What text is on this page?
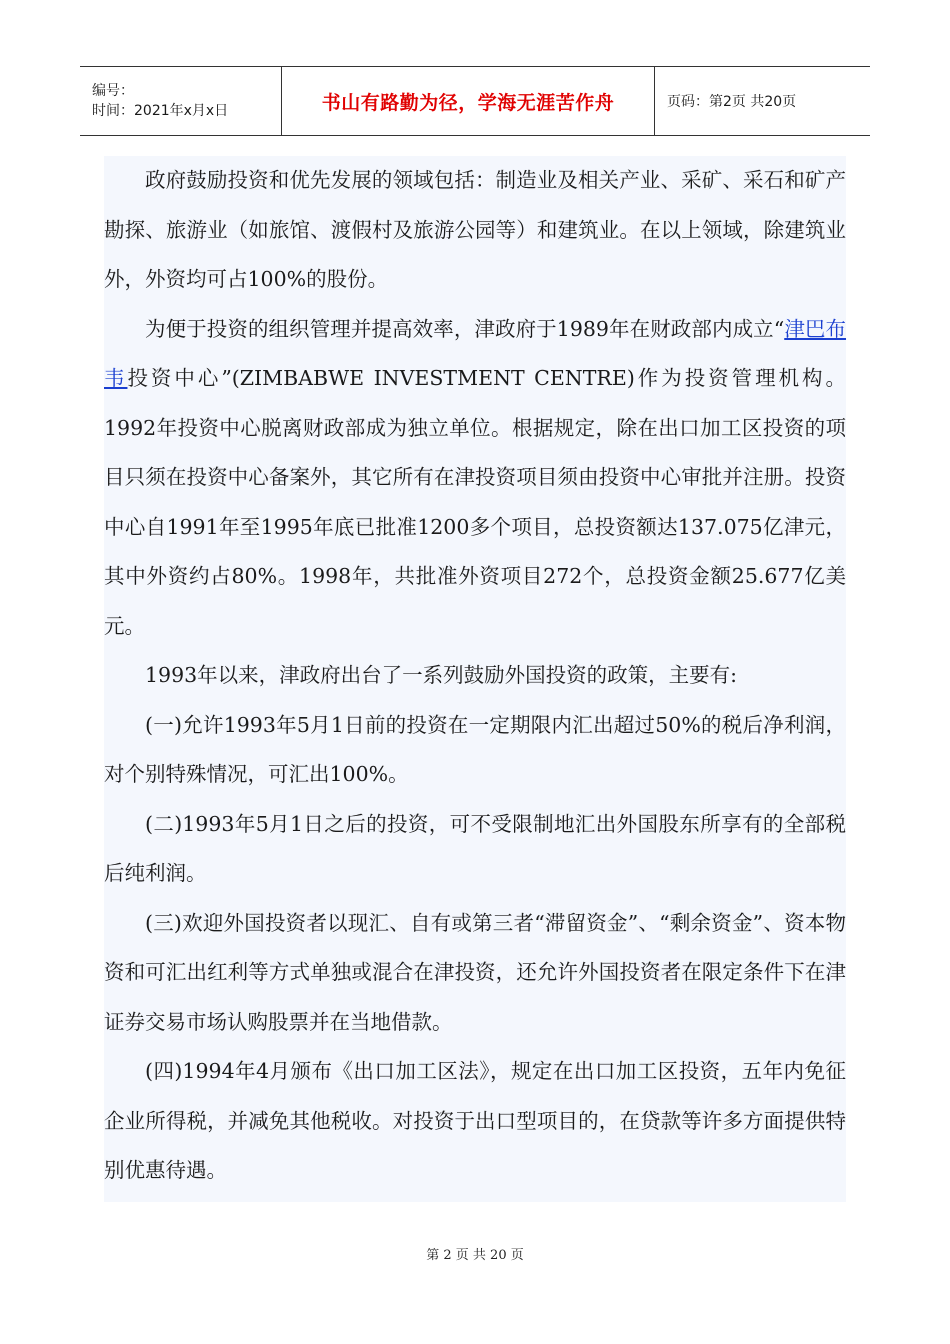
编号：
时间：2021年x月x日	书山有路勤为径，学海无涯苦作舟	页码：第2页 共20页

政府鼓励投资和优先发展的领域包括：制造业及相关产业、采矿、采石和矿产勘探、旅游业（如旅馆、渡假村及旅游公园等）和建筑业。在以上领域，除建筑业外，外资均可占100%的股份。

为便于投资的组织管理并提高效率，津政府于1989年在财政部内成立“津巴布韦投资中心”(ZIMBABWE INVESTMENT CENTRE)作为投资管理机构。1992年投资中心脱离财政部成为独立单位。根据规定，除在出口加工区投资的项目只须在投资中心备案外，其它所有在津投资项目须由投资中心审批并注册。投资中心自1991年至1995年底已批准1200多个项目，总投资额达137.075亿津元，其中外资约占80%。1998年，共批准外资项目272个，总投资金额25.677亿美元。

1993年以来，津政府出台了一系列鼓励外国投资的政策，主要有:

(一)允许1993年5月1日前的投资在一定期限内汇出超过50%的税后净利润，对个别特殊情况，可汇出100%。

(二)1993年5月1日之后的投资，可不受限制地汇出外国股东所享有的全部税后纯利润。

(三)欢迎外国投资者以现汇、自有或第三者“滞留资金”、“剩余资金”、资本物资和可汇出红利等方式单独或混合在津投资，还允许外国投资者在限定条件下在津证券交易市场认购股票并在当地借款。

(四)1994年4月颁布《出口加工区法》，规定在出口加工区投资，五年内免征企业所得税，并减免其他税收。对投资于出口型项目的，在贷款等许多方面提供特别优惠待遇。

第 2 页 共 20 页
